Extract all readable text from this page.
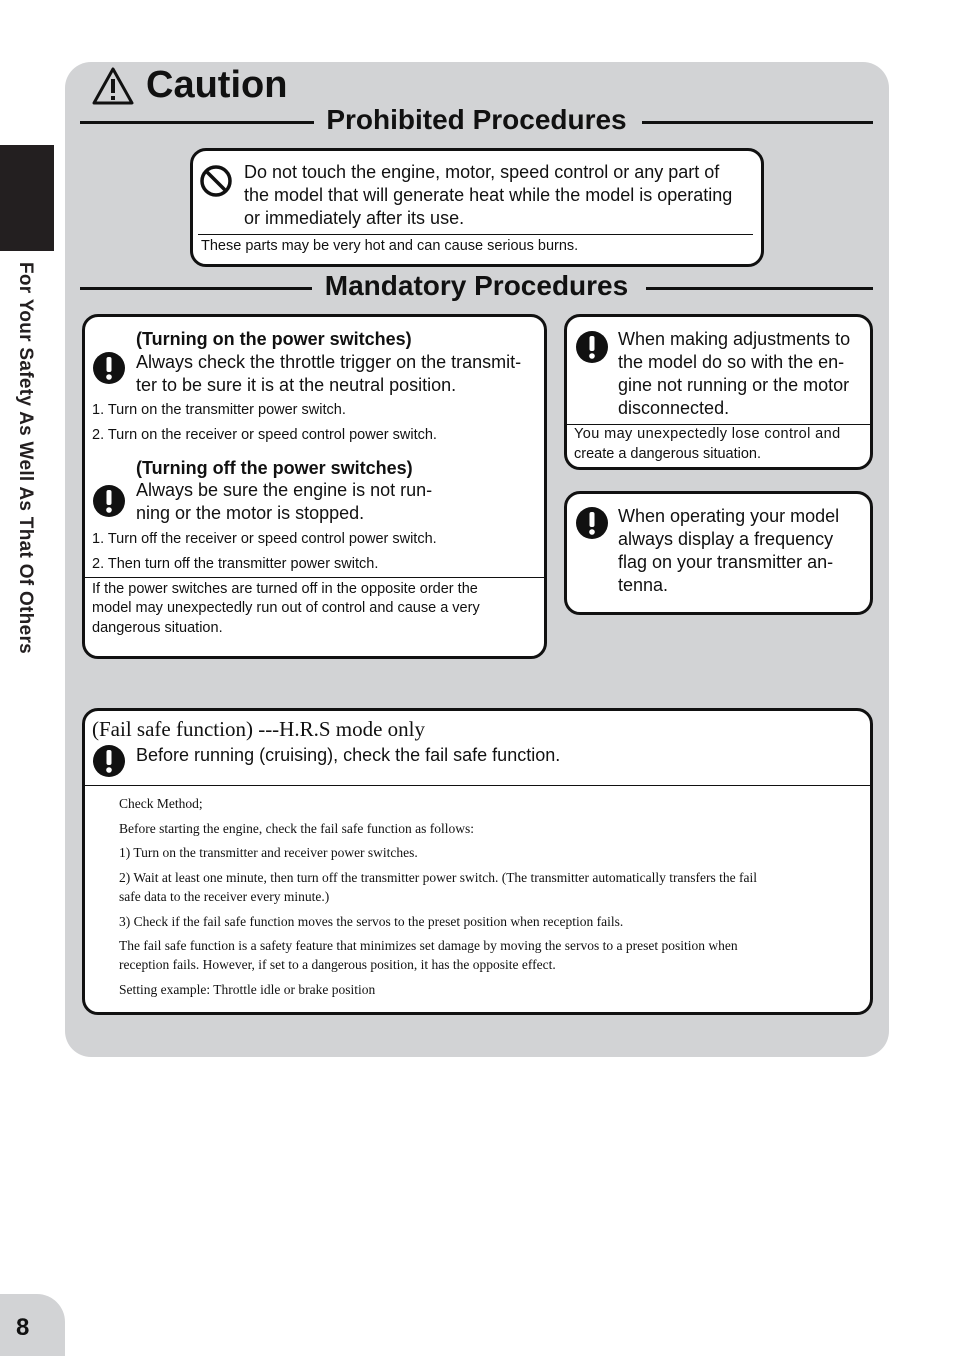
For Your Safety As Well As That Of Others
8
Caution
Prohibited Procedures
Do not touch the engine, motor, speed control or any part of
the model that will generate heat while the model is operating
or immediately after its use.
These parts may be very hot and can cause serious burns.
Mandatory Procedures
(Turning on the power switches)
Always check the throttle trigger on the transmit-
ter to be sure it is at the neutral position.
1. Turn on the transmitter power switch.
2. Turn on the receiver or speed control power switch.
(Turning off the power switches)
Always be sure the engine is not run-
ning or the motor is stopped.
1. Turn off the receiver or speed control power switch.
2. Then turn off the transmitter power switch.
If the power switches are turned off in the opposite order the
model may unexpectedly run out of control and cause a very
dangerous situation.
When making adjustments to
the model do so with the en-
gine not running or the motor
disconnected.
You may unexpectedly lose control and
create a dangerous situation.
When operating your model
always display a frequency
flag on your transmitter an-
tenna.
(Fail safe function) ---H.R.S mode only
Before running (cruising), check the fail safe function.
Check Method;
Before starting the engine, check the fail safe function as follows:
1) Turn on the transmitter and receiver power switches.
2) Wait at least one minute, then turn off the transmitter power switch. (The transmitter automatically transfers the fail
safe data to the receiver every minute.)
3) Check if the fail safe function moves the servos to the preset position when reception fails.
The fail safe function is a safety feature that minimizes set damage by moving the servos to a preset position when
reception fails. However, if set to a dangerous position, it has the opposite effect.
Setting example: Throttle idle or brake position
